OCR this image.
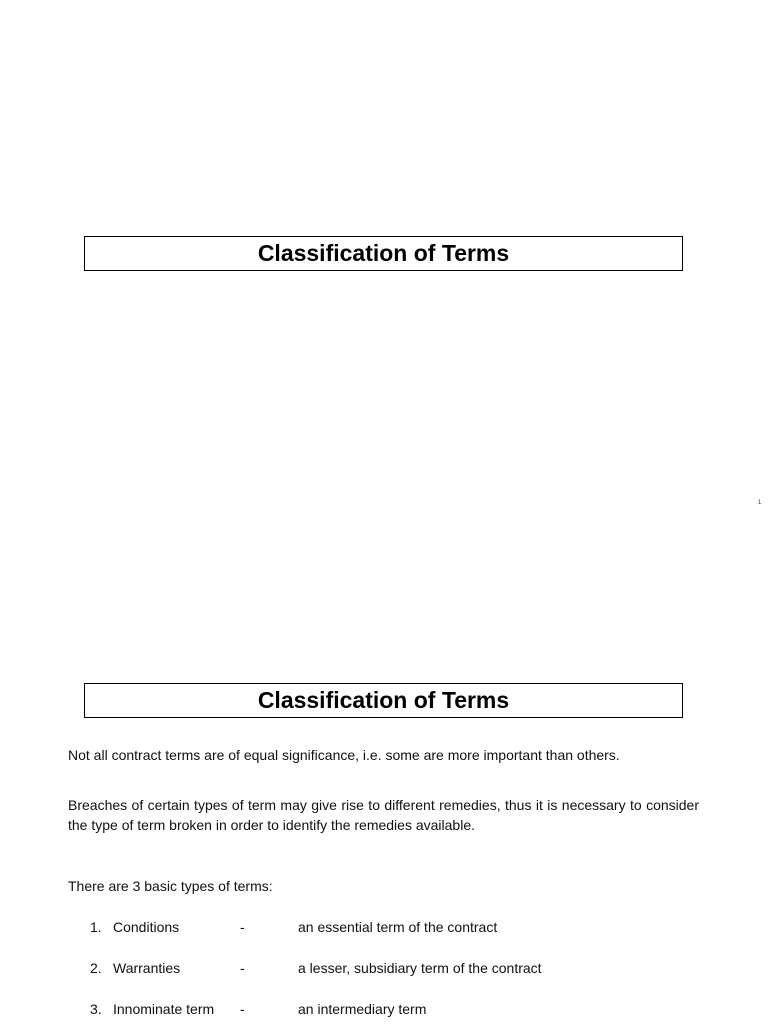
Classification of Terms
1
Classification of Terms

Not all contract terms are of equal significance, i.e. some are more important than others.

Breaches of certain types of term may give rise to different remedies, thus it is necessary to consider the type of term broken in order to identify the remedies available.

There are 3 basic types of terms:

1. Conditions	-	an essential term of the contract
2. Warranties	-	a lesser, subsidiary term of the contract
3. Innominate term -	an intermediary term
